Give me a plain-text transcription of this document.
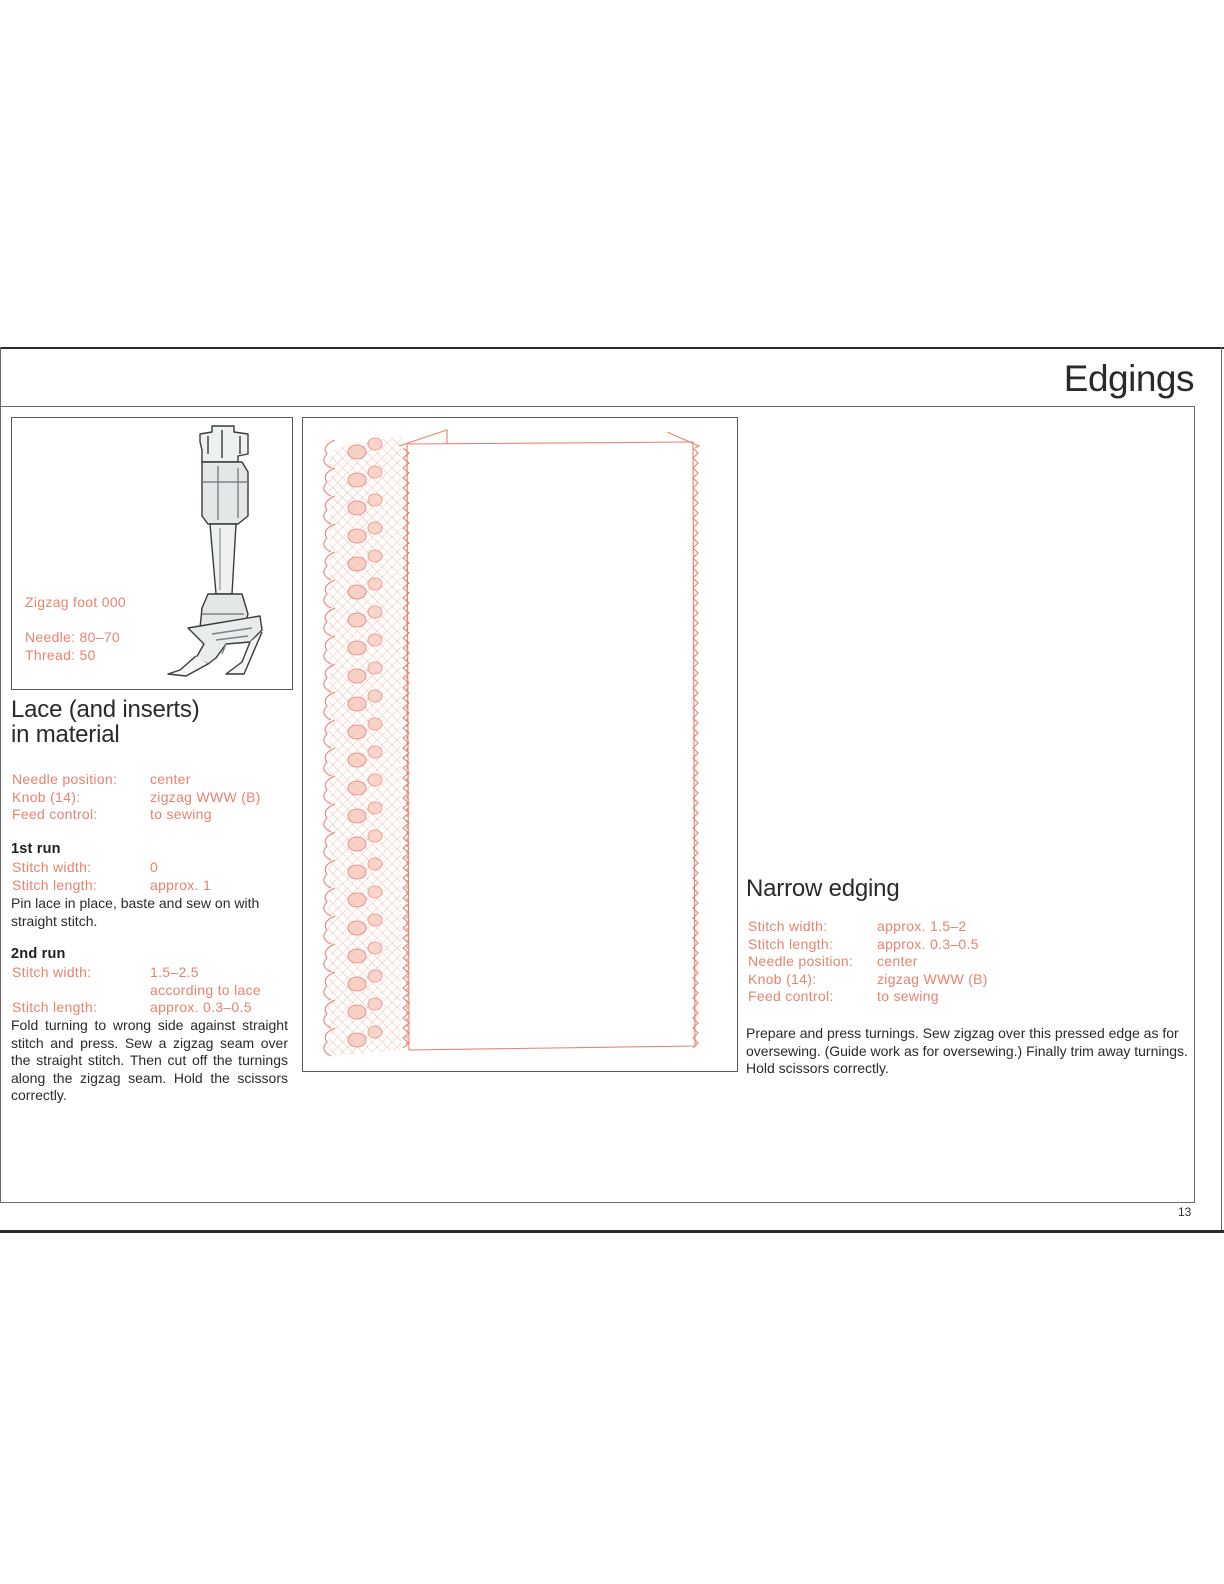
Edgings
13
Zigzag foot 000
Needle: 80–70
Thread: 50
Lace (and inserts)
in material
Needle position: center
Knob (14):	zigzag WWW (B)
Feed control:	to sewing
1st run
Stitch width:	0
Stitch length:	approx. 1
Pin lace in place, baste and sew on with straight stitch.
2nd run
Stitch width:	1.5–2.5
according to lace
Stitch length:	approx. 0.3–0.5
Fold turning to wrong side against straight stitch and press. Sew a zigzag seam over the straight stitch. Then cut off the turnings along the zigzag seam. Hold the scissors correctly.
Narrow edging
Stitch width:	approx. 1.5–2
Stitch length:	approx. 0.3–0.5
Needle position: center
Knob (14):	zigzag WWW (B)
Feed control:	to sewing
Prepare and press turnings. Sew zigzag over this pressed edge as for oversewing. (Guide work as for oversewing.) Finally trim away turnings. Hold scissors correctly.
